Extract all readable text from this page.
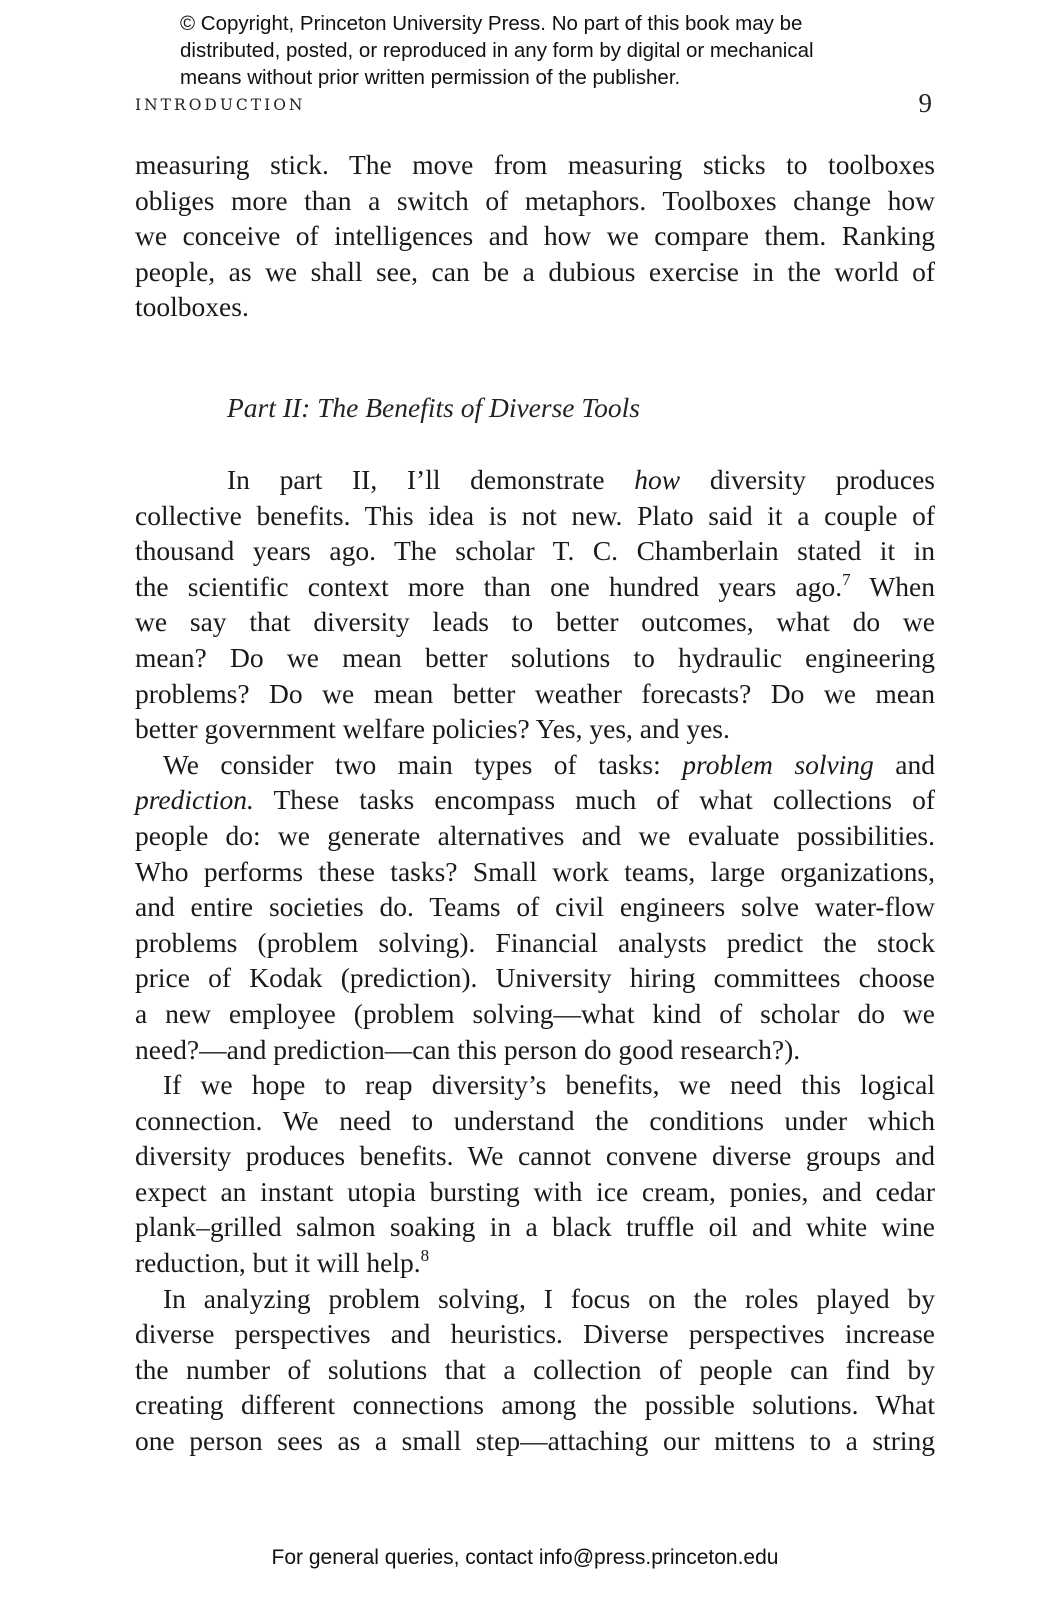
© Copyright, Princeton University Press. No part of this book may be
distributed, posted, or reproduced in any form by digital or mechanical
means without prior written permission of the publisher.
INTRODUCTION	9
measuring stick. The move from measuring sticks to toolboxes
obliges more than a switch of metaphors. Toolboxes change how
we conceive of intelligences and how we compare them. Ranking
people, as we shall see, can be a dubious exercise in the world of
toolboxes.
Part II: The Benefits of Diverse Tools
In part II, I’ll demonstrate how diversity produces
collective benefits. This idea is not new. Plato said it a couple of
thousand years ago. The scholar T. C. Chamberlain stated it in
the scientific context more than one hundred years ago.$^7$ When
we say that diversity leads to better outcomes, what do we
mean? Do we mean better solutions to hydraulic engineering
problems? Do we mean better weather forecasts? Do we mean
better government welfare policies? Yes, yes, and yes.
We consider two main types of tasks: problem solving and
prediction. These tasks encompass much of what collections of
people do: we generate alternatives and we evaluate possibilities.
Who performs these tasks? Small work teams, large organizations,
and entire societies do. Teams of civil engineers solve water-flow
problems (problem solving). Financial analysts predict the stock
price of Kodak (prediction). University hiring committees choose
a new employee (problem solving—what kind of scholar do we
need?—and prediction—can this person do good research?).
If we hope to reap diversity’s benefits, we need this logical
connection. We need to understand the conditions under which
diversity produces benefits. We cannot convene diverse groups and
expect an instant utopia bursting with ice cream, ponies, and cedar
plank–grilled salmon soaking in a black truffle oil and white wine
reduction, but it will help.$^8$
In analyzing problem solving, I focus on the roles played by
diverse perspectives and heuristics. Diverse perspectives increase
the number of solutions that a collection of people can find by
creating different connections among the possible solutions. What
one person sees as a small step—attaching our mittens to a string
For general queries, contact info@press.princeton.edu
